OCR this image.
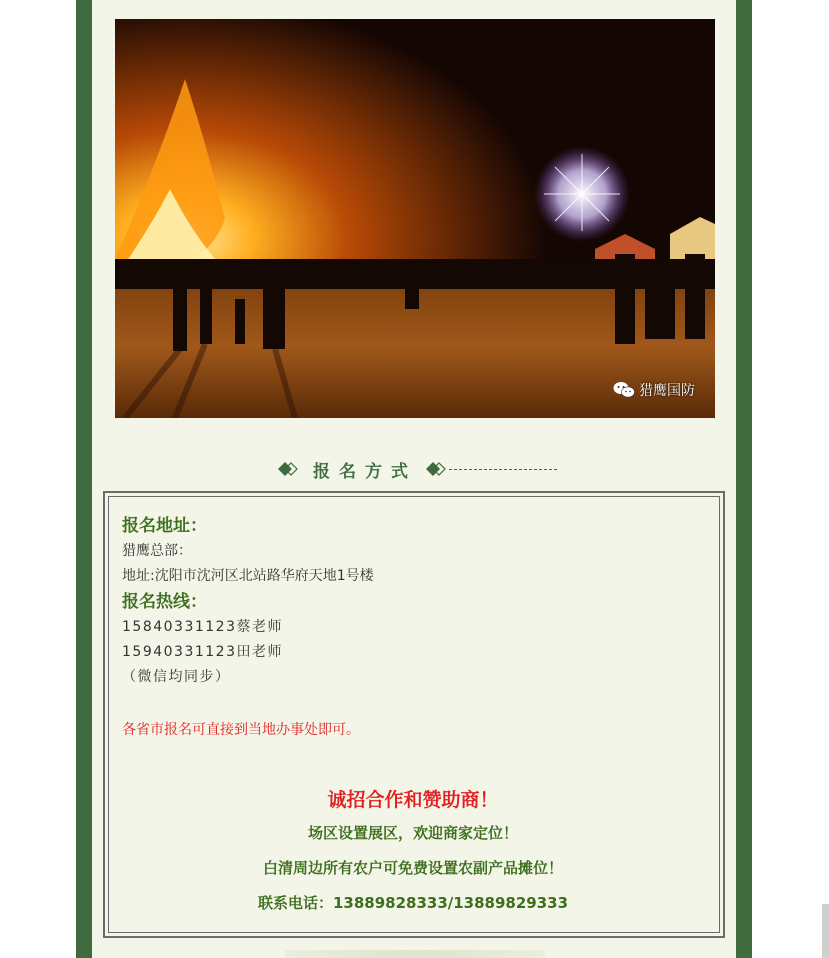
猎鹰国防
报名方式
报名地址：
猎鹰总部：
地址:沈阳市沈河区北站路华府天地1号楼
报名热线：
15840331123蔡老师
15940331123田老师
（微信均同步）
各省市报名可直接到当地办事处即可。
诚招合作和赞助商！
场区设置展区，欢迎商家定位！
白清周边所有农户可免费设置农副产品摊位！
联系电话：13889828333/13889829333
